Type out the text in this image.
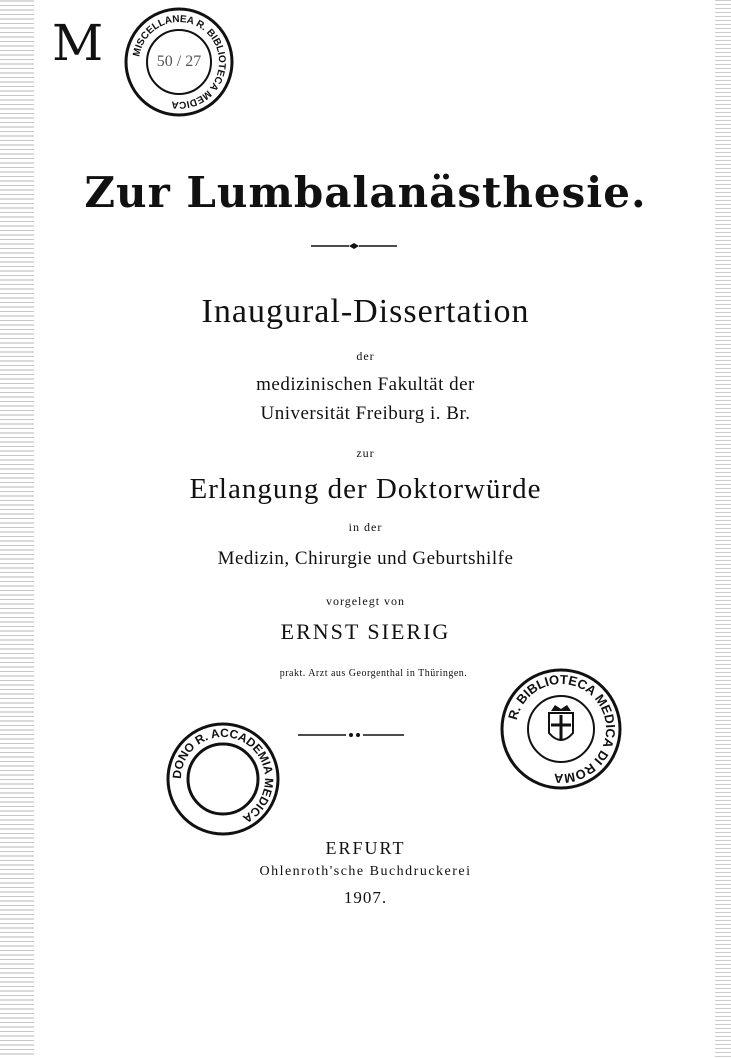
M	MISCELLANEA R. BIBLIOTECA MEDICA
50 / 27
Zur Lumbalanästhesie.
Inaugural-Dissertation
der
medizinischen Fakultät der
Universität Freiburg i. Br.
zur
Erlangung der Doktorwürde
in der
Medizin, Chirurgie und Geburtshilfe
vorgelegt von
ERNST SIERIG
prakt. Arzt aus Georgenthal in Thüringen.
DONO R. ACCADEMIA MEDICA
R. BIBLIOTECA MEDICA DI ROMA
ERFURT
Ohlenroth'sche Buchdruckerei
1907.
